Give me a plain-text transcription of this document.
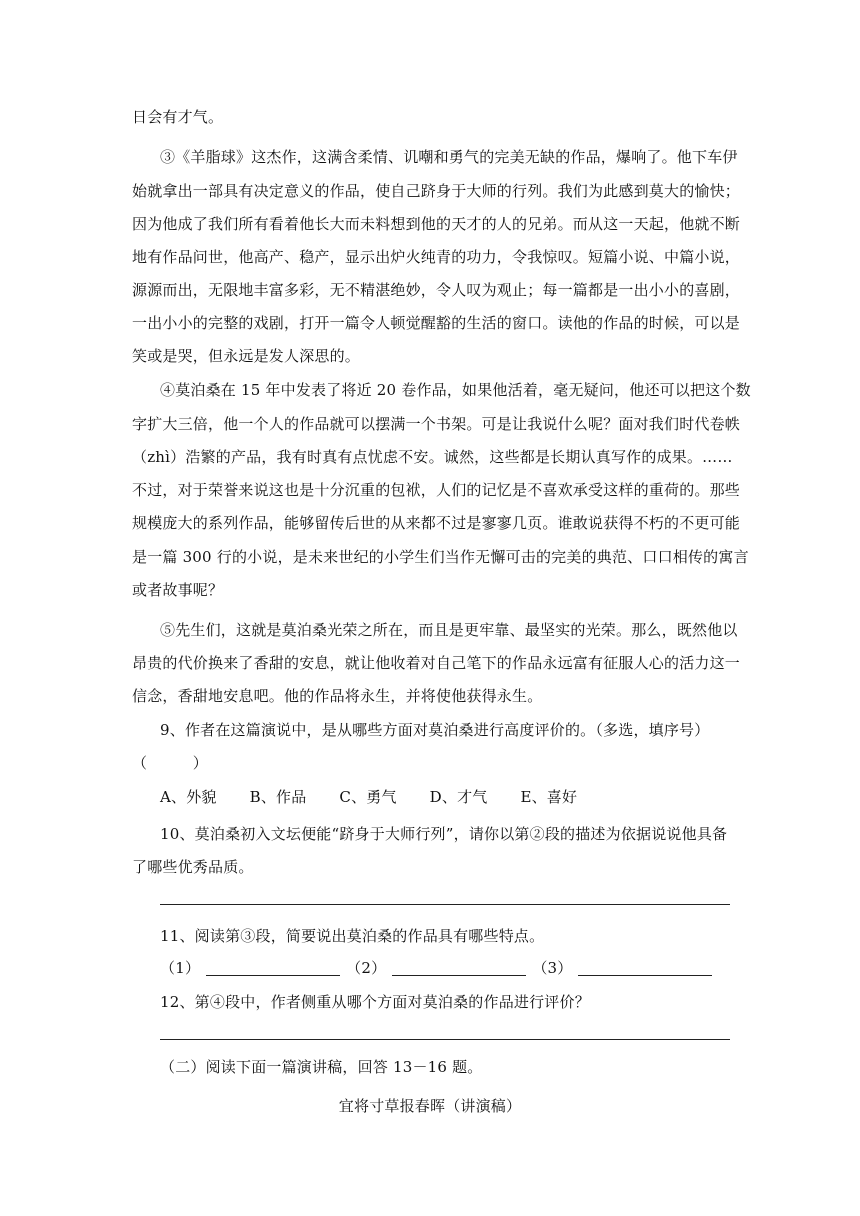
日会有才气。
③《羊脂球》这杰作，这满含柔情、讥嘲和勇气的完美无缺的作品，爆响了。他下车伊
始就拿出一部具有决定意义的作品，使自己跻身于大师的行列。我们为此感到莫大的愉快；
因为他成了我们所有看着他长大而未料想到他的天才的人的兄弟。而从这一天起，他就不断
地有作品问世，他高产、稳产，显示出炉火纯青的功力，令我惊叹。短篇小说、中篇小说，
源源而出，无限地丰富多彩，无不精湛绝妙，令人叹为观止；每一篇都是一出小小的喜剧，
一出小小的完整的戏剧，打开一篇令人顿觉醒豁的生活的窗口。读他的作品的时候，可以是
笑或是哭，但永远是发人深思的。
④莫泊桑在 15 年中发表了将近 20 卷作品，如果他活着，毫无疑问，他还可以把这个数
字扩大三倍，他一个人的作品就可以摆满一个书架。可是让我说什么呢？面对我们时代卷帙
（zhì）浩繁的产品，我有时真有点忧虑不安。诚然，这些都是长期认真写作的成果。……
不过，对于荣誉来说这也是十分沉重的包袱，人们的记忆是不喜欢承受这样的重荷的。那些
规模庞大的系列作品，能够留传后世的从来都不过是寥寥几页。谁敢说获得不朽的不更可能
是一篇 300 行的小说，是未来世纪的小学生们当作无懈可击的完美的典范、口口相传的寓言
或者故事呢？
⑤先生们，这就是莫泊桑光荣之所在，而且是更牢靠、最坚实的光荣。那么，既然他以
昂贵的代价换来了香甜的安息，就让他收着对自己笔下的作品永远富有征服人心的活力这一
信念，香甜地安息吧。他的作品将永生，并将使他获得永生。
9、作者在这篇演说中，是从哪些方面对莫泊桑进行高度评价的。（多选，填序号）
（　　　）
A、外貌 B、作品 C、勇气 D、才气 E、喜好
10、莫泊桑初入文坛便能“跻身于大师行列”，请你以第②段的描述为依据说说他具备
了哪些优秀品质。
11、阅读第③段，简要说出莫泊桑的作品具有哪些特点。
（1）	（2）	（3）
12、第④段中，作者侧重从哪个方面对莫泊桑的作品进行评价？
（二）阅读下面一篇演讲稿，回答 13－16 题。
宜将寸草报春晖（讲演稿）
